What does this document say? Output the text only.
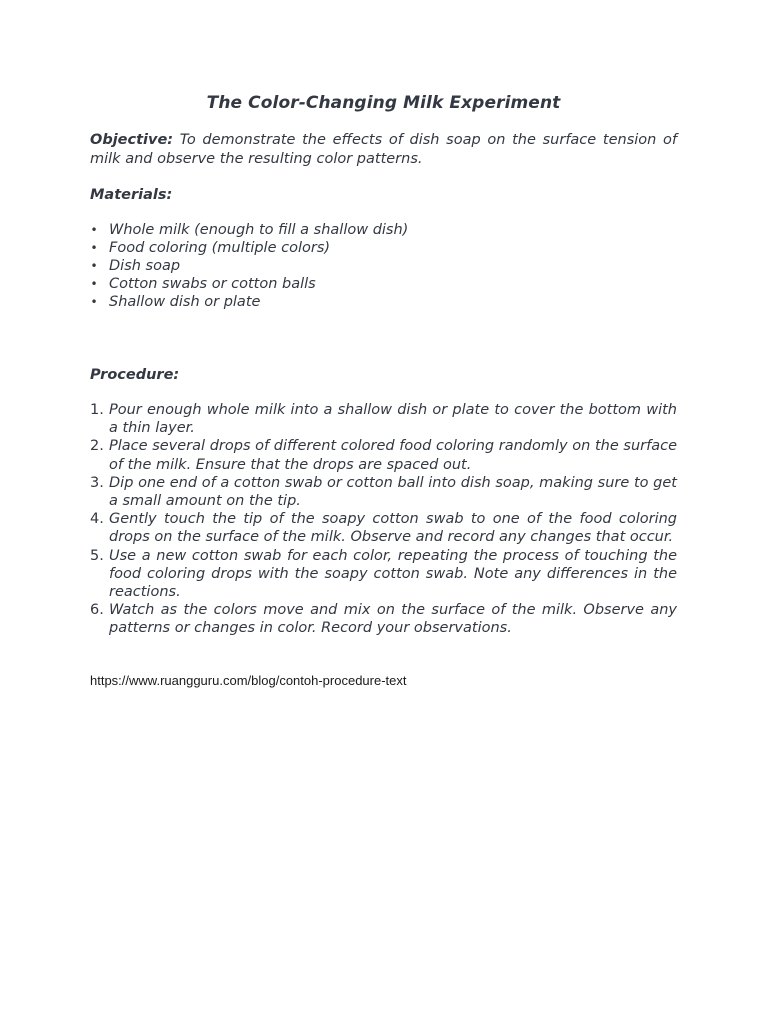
The Color-Changing Milk Experiment

Objective: To demonstrate the effects of dish soap on the surface tension of milk and observe the resulting color patterns.

Materials:
• Whole milk (enough to fill a shallow dish)
• Food coloring (multiple colors)
• Dish soap
• Cotton swabs or cotton balls
• Shallow dish or plate
Procedure:
1. Pour enough whole milk into a shallow dish or plate to cover the bottom with a thin layer.
2. Place several drops of different colored food coloring randomly on the surface of the milk. Ensure that the drops are spaced out.
3. Dip one end of a cotton swab or cotton ball into dish soap, making sure to get a small amount on the tip.
4. Gently touch the tip of the soapy cotton swab to one of the food coloring drops on the surface of the milk. Observe and record any changes that occur.
5. Use a new cotton swab for each color, repeating the process of touching the food coloring drops with the soapy cotton swab. Note any differences in the reactions.
6. Watch as the colors move and mix on the surface of the milk. Observe any patterns or changes in color. Record your observations.

https://www.ruangguru.com/blog/contoh-procedure-text
